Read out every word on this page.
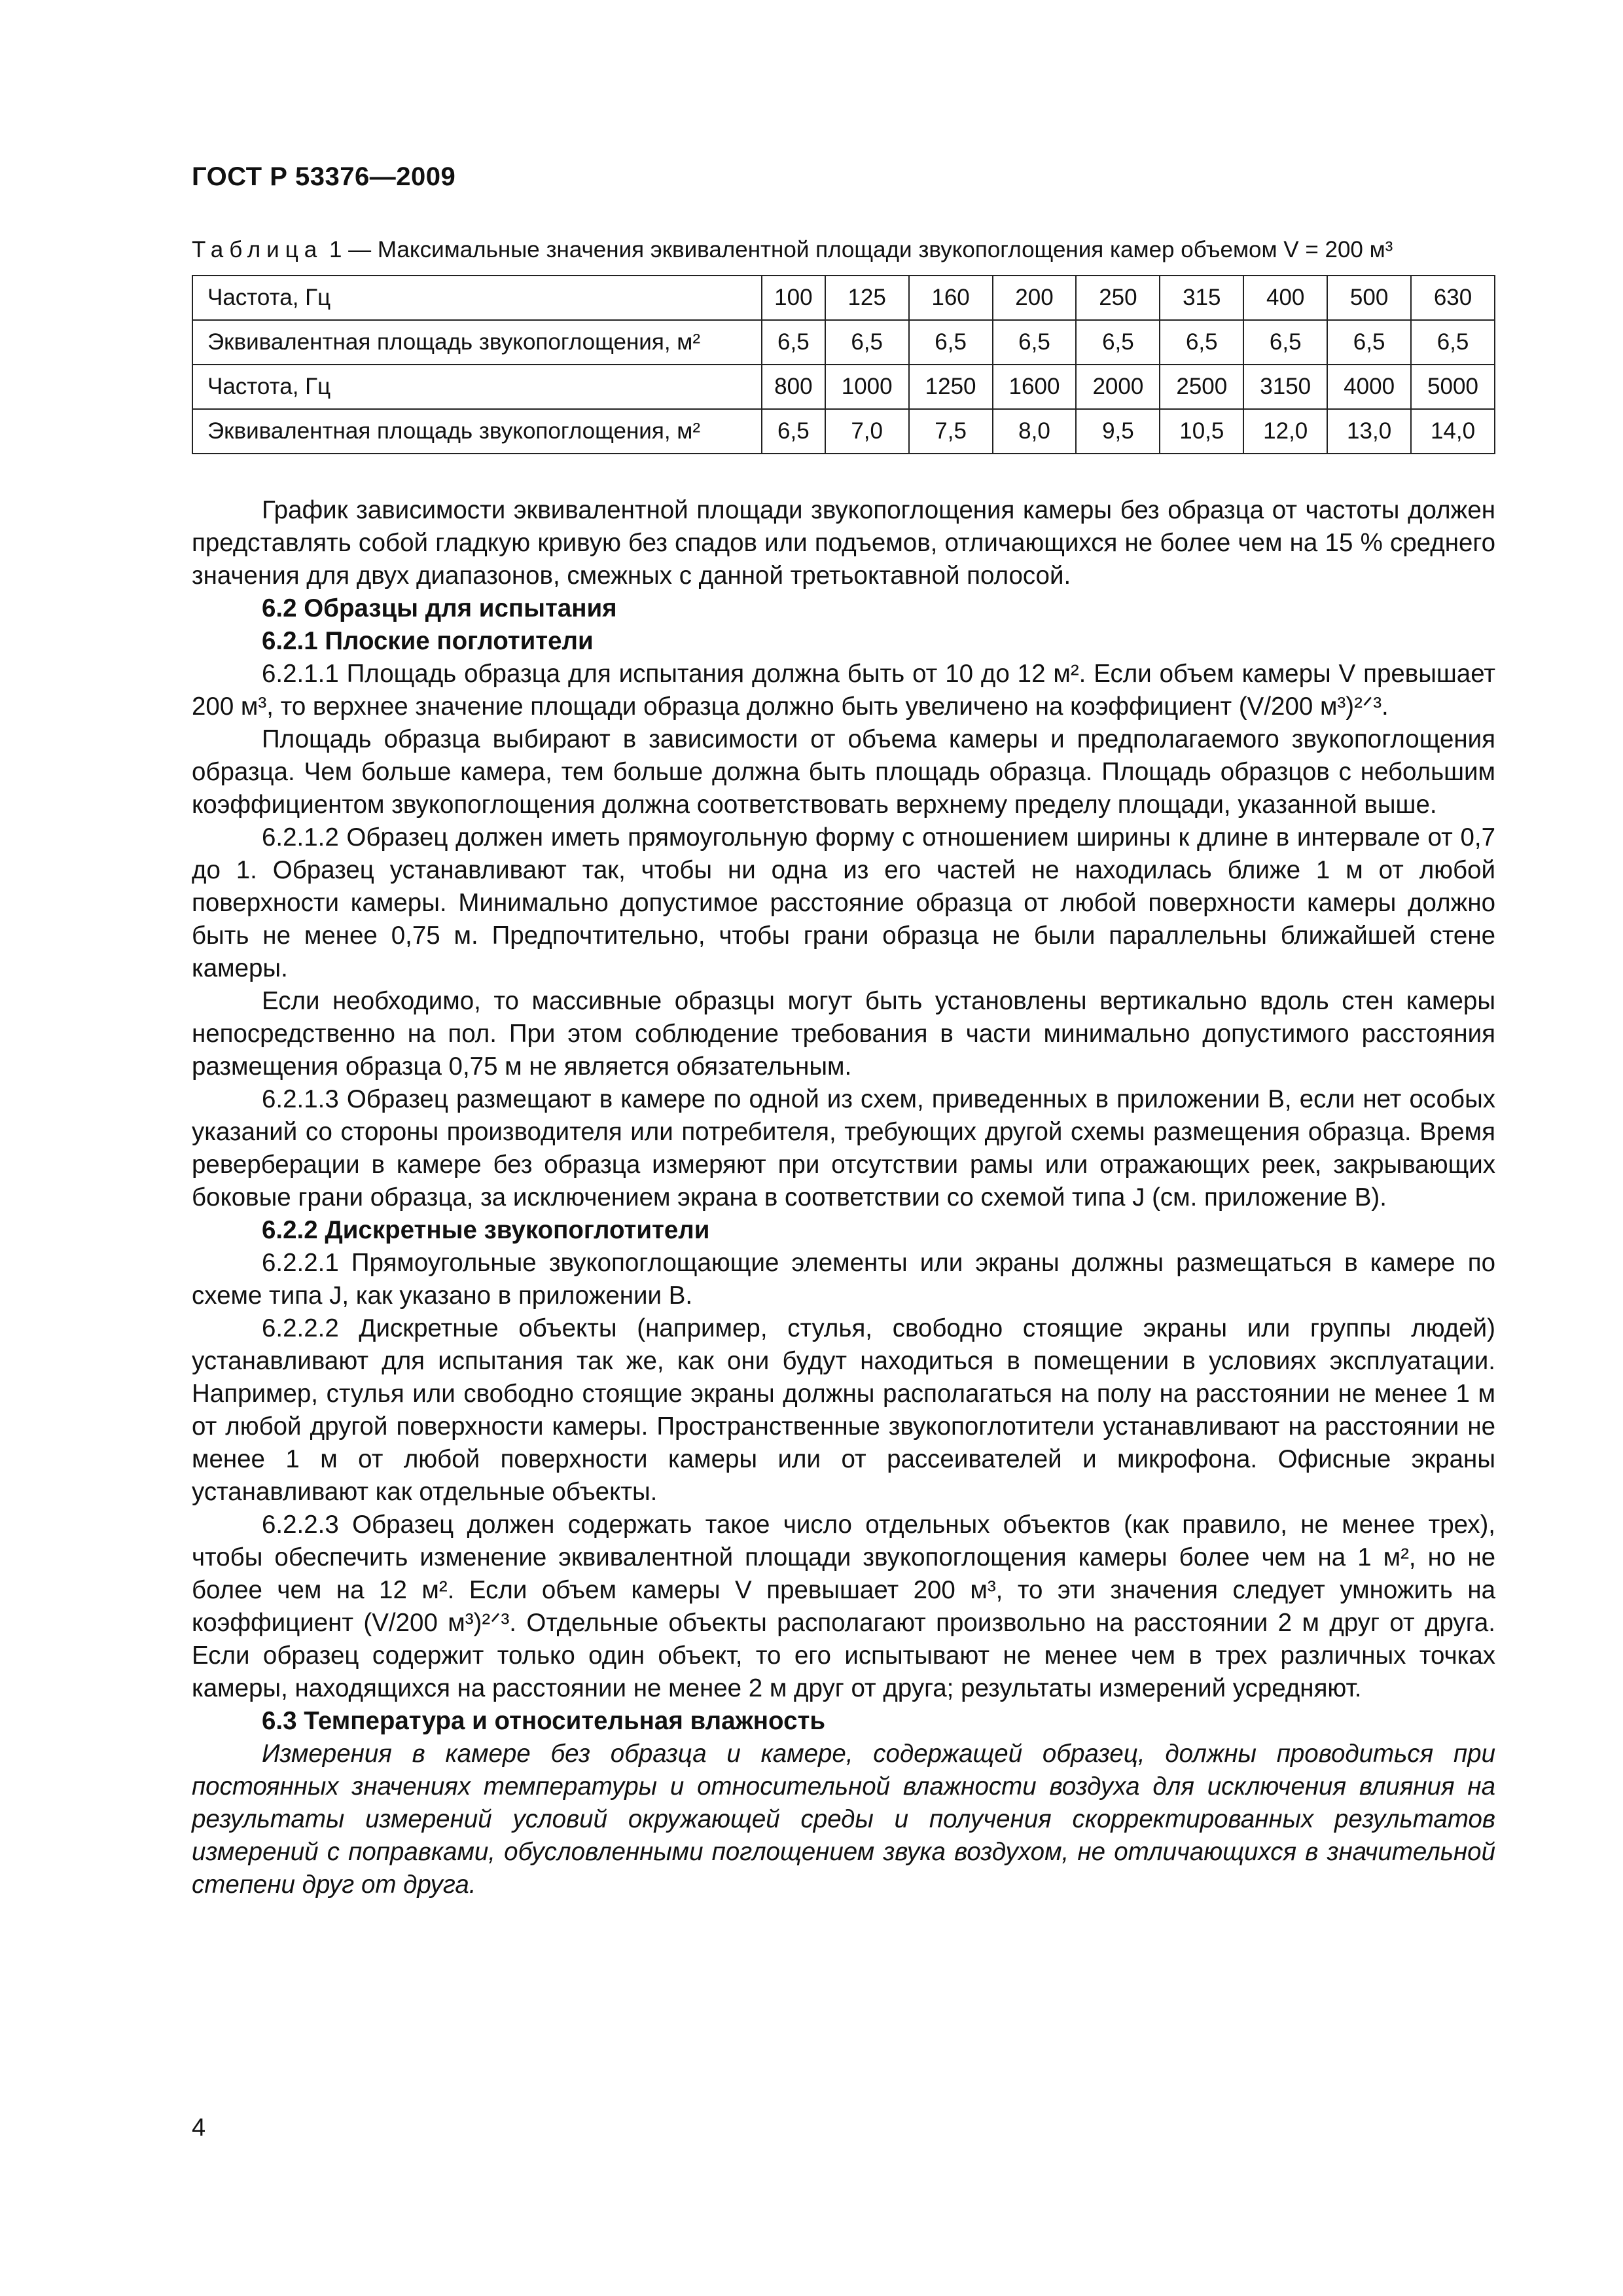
ГОСТ Р 53376—2009
Таблица 1 — Максимальные значения эквивалентной площади звукопоглощения камер объемом V = 200 м³
Частота, Гц	100	125	160	200	250	315	400	500	630
Эквивалентная площадь звукопоглощения, м²	6,5	6,5	6,5	6,5	6,5	6,5	6,5	6,5	6,5
Частота, Гц	800	1000	1250	1600	2000	2500	3150	4000	5000
Эквивалентная площадь звукопоглощения, м²	6,5	7,0	7,5	8,0	9,5	10,5	12,0	13,0	14,0

График зависимости эквивалентной площади звукопоглощения камеры без образца от частоты должен представлять собой гладкую кривую без спадов или подъемов, отличающихся не более чем на 15 % среднего значения для двух диапазонов, смежных с данной третьоктавной полосой.

6.2 Образцы для испытания
6.2.1 Плоские поглотители

6.2.1.1 Площадь образца для испытания должна быть от 10 до 12 м². Если объем камеры V превышает 200 м³, то верхнее значение площади образца должно быть увеличено на коэффициент (V/200 м³)²ᐟ³.

Площадь образца выбирают в зависимости от объема камеры и предполагаемого звукопоглощения образца. Чем больше камера, тем больше должна быть площадь образца. Площадь образцов с небольшим коэффициентом звукопоглощения должна соответствовать верхнему пределу площади, указанной выше.

6.2.1.2 Образец должен иметь прямоугольную форму с отношением ширины к длине в интервале от 0,7 до 1. Образец устанавливают так, чтобы ни одна из его частей не находилась ближе 1 м от любой поверхности камеры. Минимально допустимое расстояние образца от любой поверхности камеры должно быть не менее 0,75 м. Предпочтительно, чтобы грани образца не были параллельны ближайшей стене камеры.

Если необходимо, то массивные образцы могут быть установлены вертикально вдоль стен камеры непосредственно на пол. При этом соблюдение требования в части минимально допустимого расстояния размещения образца 0,75 м не является обязательным.

6.2.1.3 Образец размещают в камере по одной из схем, приведенных в приложении В, если нет особых указаний со стороны производителя или потребителя, требующих другой схемы размещения образца. Время реверберации в камере без образца измеряют при отсутствии рамы или отражающих реек, закрывающих боковые грани образца, за исключением экрана в соответствии со схемой типа J (см. приложение В).

6.2.2 Дискретные звукопоглотители

6.2.2.1 Прямоугольные звукопоглощающие элементы или экраны должны размещаться в камере по схеме типа J, как указано в приложении В.

6.2.2.2 Дискретные объекты (например, стулья, свободно стоящие экраны или группы людей) устанавливают для испытания так же, как они будут находиться в помещении в условиях эксплуатации. Например, стулья или свободно стоящие экраны должны располагаться на полу на расстоянии не менее 1 м от любой другой поверхности камеры. Пространственные звукопоглотители устанавливают на расстоянии не менее 1 м от любой поверхности камеры или от рассеивателей и микрофона. Офисные экраны устанавливают как отдельные объекты.

6.2.2.3 Образец должен содержать такое число отдельных объектов (как правило, не менее трех), чтобы обеспечить изменение эквивалентной площади звукопоглощения камеры более чем на 1 м², но не более чем на 12 м². Если объем камеры V превышает 200 м³, то эти значения следует умножить на коэффициент (V/200 м³)²ᐟ³. Отдельные объекты располагают произвольно на расстоянии 2 м друг от друга. Если образец содержит только один объект, то его испытывают не менее чем в трех различных точках камеры, находящихся на расстоянии не менее 2 м друг от друга; результаты измерений усредняют.

6.3 Температура и относительная влажность

Измерения в камере без образца и камере, содержащей образец, должны проводиться при постоянных значениях температуры и относительной влажности воздуха для исключения влияния на результаты измерений условий окружающей среды и получения скорректированных результатов измерений с поправками, обусловленными поглощением звука воздухом, не отличающихся в значительной степени друг от друга.

4
